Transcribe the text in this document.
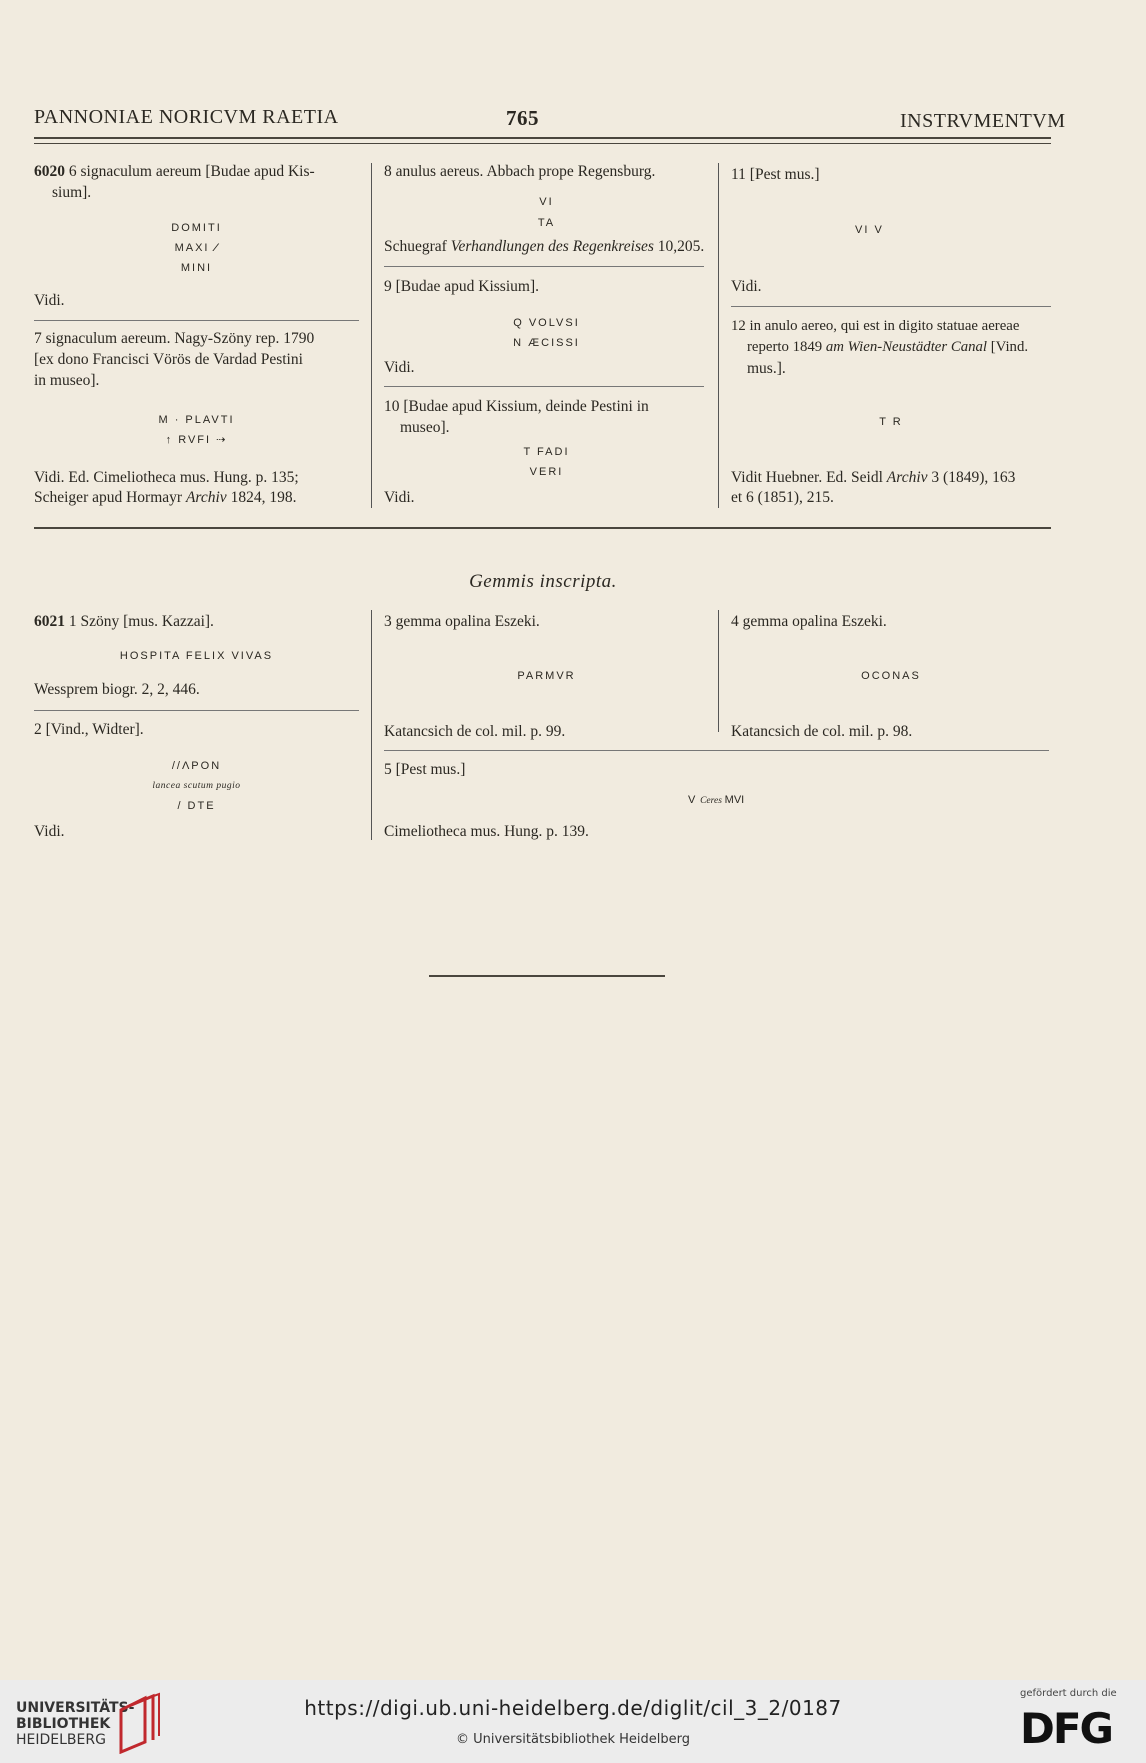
PANNONIAE NORICVM RAETIA	765	INSTRVMENTVM
6020 6 signaculum aereum [Budae apud Kis-
sium].
DOMITI
MAXI ⁄
MINI
Vidi.
7 signaculum aereum. Nagy-Szöny rep. 1790
[ex dono Francisci Vörös de Vardad Pestini
in museo].
M · PLAVTI
↑ RVFI ⇢
Vidi. Ed. Cimeliotheca mus. Hung. p. 135;
Scheiger apud Hormayr Archiv 1824, 198.
8 anulus aereus. Abbach prope Regensburg.
VI
TA
Schuegraf Verhandlungen des Regenkreises 10,205.
9 [Budae apud Kissium].
Q VOLVSI
N ÆCISSI
Vidi.
10 [Budae apud Kissium, deinde Pestini in
museo].
T FADI
VERI
Vidi.
11 [Pest mus.]
VI V
Vidi.
12 in anulo aereo, qui est in digito statuae aereae
reperto 1849 am Wien-Neustädter Canal [Vind.
mus.].
T R
Vidit Huebner. Ed. Seidl Archiv 3 (1849), 163
et 6 (1851), 215.
Gemmis inscripta.
6021 1 Szöny [mus. Kazzai].
HOSPITA FELIX VIVAS
Wessprem biogr. 2, 2, 446.
2 [Vind., Widter].
//ΛPON
lancea scutum pugio
/ DTE
Vidi.
3 gemma opalina Eszeki.
PARMVR
Katancsich de col. mil. p. 99.
5 [Pest mus.]
Cimeliotheca mus. Hung. p. 139.
4 gemma opalina Eszeki.
OCONAS
Katancsich de col. mil. p. 98.
V Ceres MVI
UNIVERSITÄTS-
BIBLIOTHEK
HEIDELBERG
https://digi.ub.uni-heidelberg.de/diglit/cil_3_2/0187
© Universitätsbibliothek Heidelberg
gefördert durch die
DFG
